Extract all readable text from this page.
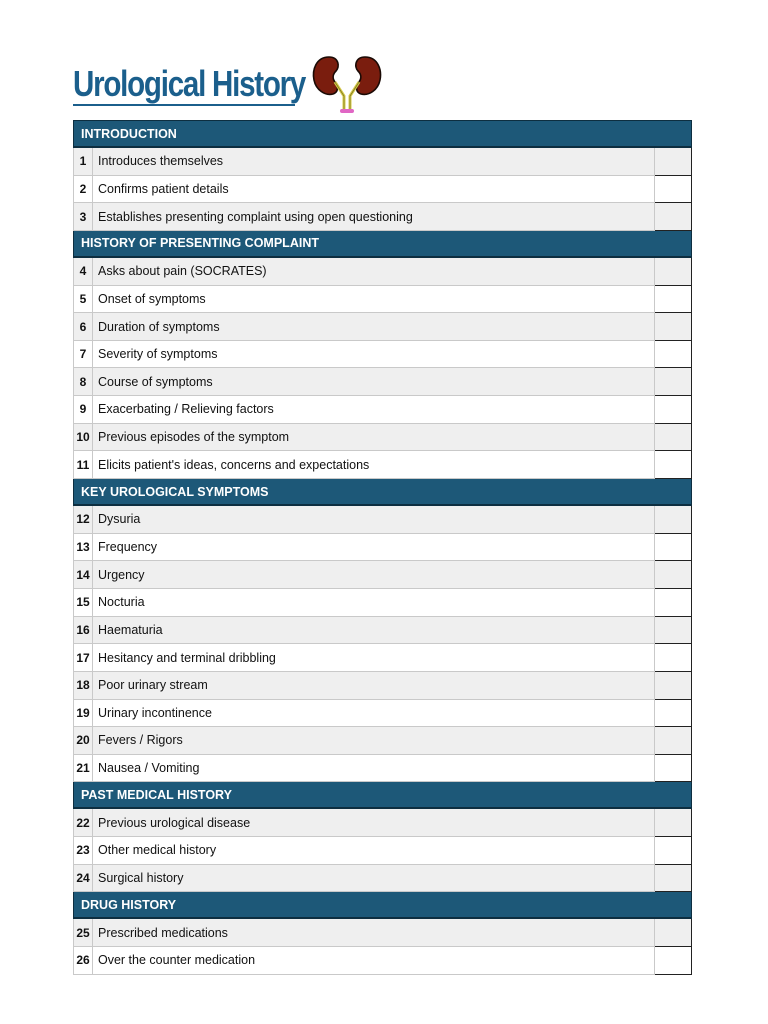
Urological History
INTRODUCTION		
1	Introduces themselves	
2	Confirms patient details	
3	Establishes presenting complaint using open questioning	
HISTORY OF PRESENTING COMPLAINT		
4	Asks about pain (SOCRATES)	
5	Onset of symptoms	
6	Duration of symptoms	
7	Severity of symptoms	
8	Course of symptoms	
9	Exacerbating / Relieving factors	
10	Previous episodes of the symptom	
11	Elicits patient's ideas, concerns and expectations	
KEY UROLOGICAL SYMPTOMS		
12	Dysuria	
13	Frequency	
14	Urgency	
15	Nocturia	
16	Haematuria	
17	Hesitancy and terminal dribbling	
18	Poor urinary stream	
19	Urinary incontinence	
20	Fevers / Rigors	
21	Nausea / Vomiting	
PAST MEDICAL HISTORY		
22	Previous urological disease	
23	Other medical history	
24	Surgical history	
DRUG HISTORY		
25	Prescribed medications	
26	Over the counter medication	
